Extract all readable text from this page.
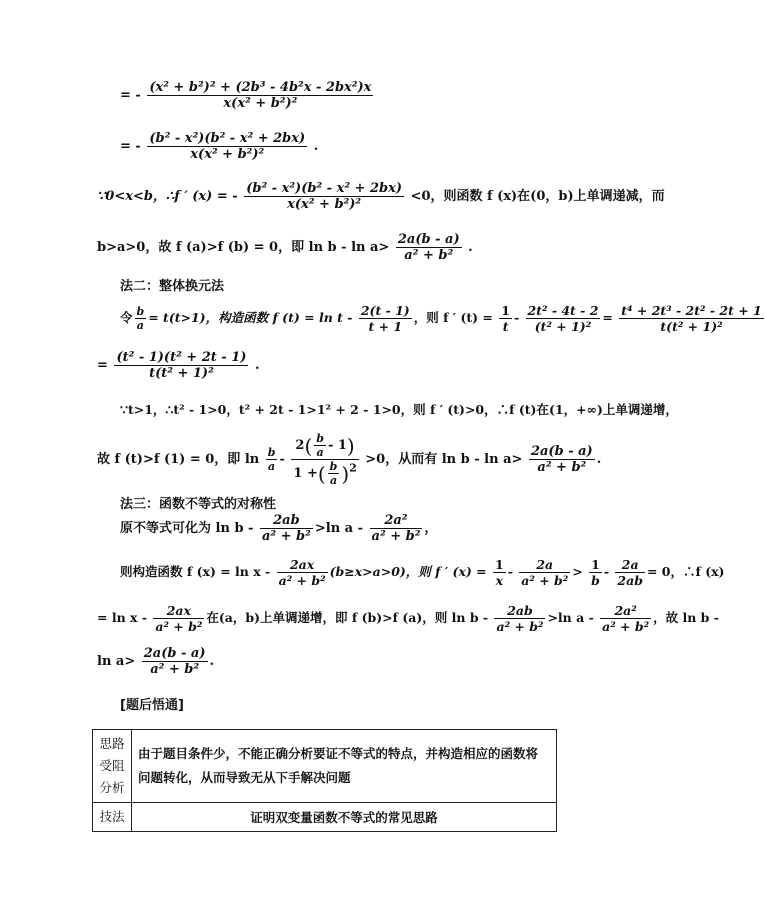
= - $\frac{\text{(x² + b²)² + (2b³ - 4b²x - 2bx²)x}}{\text{x(x² + b²)²}}$
= - $\frac{\text{(b² - x²)(b² - x² + 2bx)}}{\text{x(x² + b²)²}}$ .
∵0<x<b，∴f ′ (x) = - $\frac{\text{(b² - x²)(b² - x² + 2bx)}}{\text{x(x² + b²)²}} <0$，则函数 f (x)在(0，b)上单调递减，而
b>a>0，故 f (a)>f (b) = 0，即 $\ln b - \ln a> \frac{2a(b - a)}{\text{a² + b²}}$ .
法二：整体换元法
令 $\frac{b}{a} = t(t>1)$，构造函数 f $(t) = \ln t - \frac{2(t - 1)}{t + 1}$ ，则 f ′ $(t) = \frac{1}{t} - \frac{\text{2t² - 4t - 2}}{\text{(t² + 1)²}} = \frac{\text{t⁴ + 2t³ - 2t² - 2t + 1}}{\text{t(t² + 1)²}}$
= $\frac{\text{(t² - 1)(t² + 2t - 1)}}{\text{t(t² + 1)²}}$ .
∵t>1，∴t² - 1>0，t² + 2t - 1>1² + 2 - 1>0，则 f ′ (t)>0，∴f (t)在(1，+∞)上单调递增，
故 f (t)>f (1) = 0，即 $\ln \frac{b}{a} - \frac{2( \frac{b}{a} - 1)}{1 +( \frac{b}{a} )^2} >0$，从而有 $\ln b - \ln a> \frac{2a(b - a)}{\text{a² + b²}}$ .
法三：函数不等式的对称性
原不等式可化为 $\ln b - \frac{2ab}{\text{a² + b²}} >\ln$ a - $\frac{\text{2a²}}{\text{a² + b²}}$ ，
则构造函数 f $(x) = \ln x - \frac{2ax}{\text{a² + b²}} (b\ge x>a>0)$，则 f ′ $(x) = \frac{1}{x} - \frac{2a}{\text{a² + b²}} > \frac{1}{b} - \frac{2a}{2ab} = 0$，∴f (x)
= ln x - $\frac{2ax}{\text{a² + b²}}$ 在(a，b)上单调递增，即 f (b)>f (a)，则 $\ln b - \frac{2ab}{\text{a² + b²}} >\ln$ a - $\frac{\text{2a²}}{\text{a² + b²}}$ ，故 ln b -
$\ln a> \frac{2a(b - a)}{\text{a² + b²}}$ .
[题后悟通]
思路
受阻
分析	由于题目条件少，不能正确分析要证不等式的特点，并构造相应的函数将问题转化，从而导致无从下手解决问题
技法	证明双变量函数不等式的常见思路
